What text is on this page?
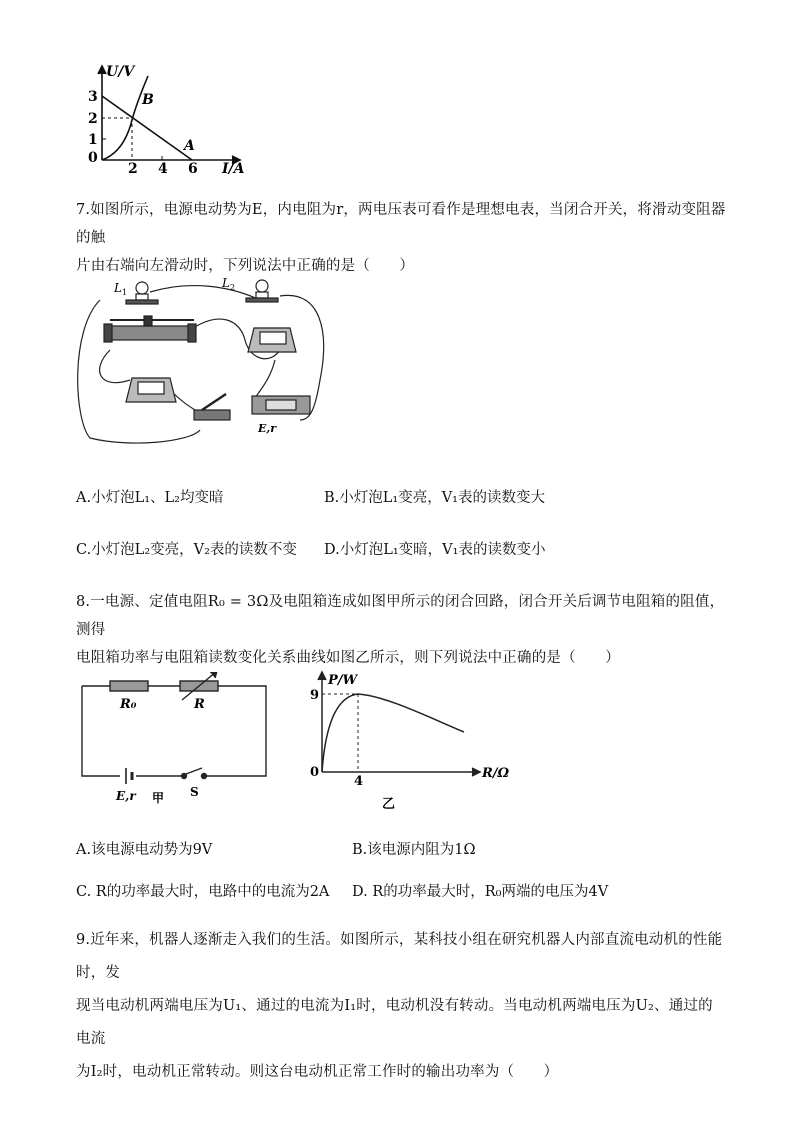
U/V
3
2
1
0
2 4 6 I/A
B
A
7.如图所示，电源电动势为E，内电阻为r，两电压表可看作是理想电表，当闭合开关，将滑动变阻器的触
片由右端向左滑动时，下列说法中正确的是（　　）
L 1
L 2
E,r
A.小灯泡L₁、L₂均变暗	B.小灯泡L₁变亮，V₁表的读数变大
C.小灯泡L₂变亮，V₂表的读数不变 D.小灯泡L₁变暗，V₁表的读数变小
8.一电源、定值电阻R₀ = 3Ω及电阻箱连成如图甲所示的闭合回路，闭合开关后调节电阻箱的阻值，测得
电阻箱功率与电阻箱读数变化关系曲线如图乙所示，则下列说法中正确的是（　　）
R₀	R
E,r 甲 S
P/W
9
0
4
R/Ω
乙
A.该电源电动势为9V	B.该电源内阻为1Ω
C. R的功率最大时，电路中的电流为2A D. R的功率最大时，R₀两端的电压为4V
9.近年来，机器人逐渐走入我们的生活。如图所示，某科技小组在研究机器人内部直流电动机的性能时，发
现当电动机两端电压为U₁、通过的电流为I₁时，电动机没有转动。当电动机两端电压为U₂、通过的电流
为I₂时，电动机正常转动。则这台电动机正常工作时的输出功率为（　　）
